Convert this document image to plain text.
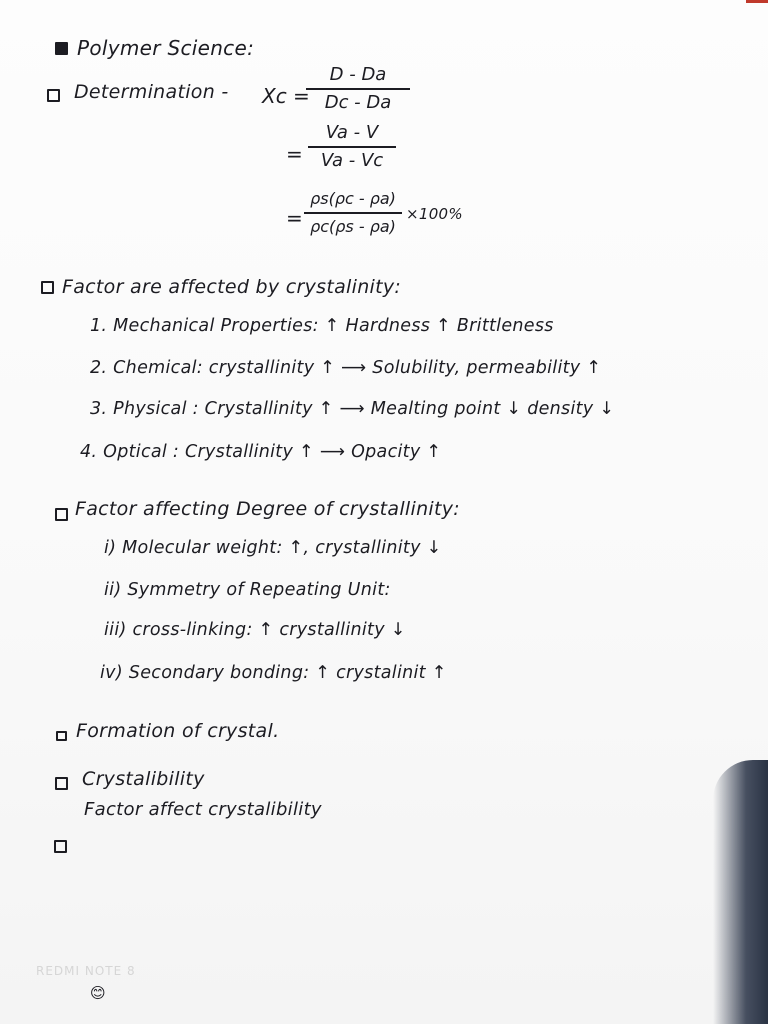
Polymer Science:
Determination - Xc =
D - Da
Dc - Da
=
Va - V
Va - Vc
=
ρs(ρc - ρa)
ρc(ρs - ρa)
×100%
Factor are affected by crystalinity:
1. Mechanical Properties: ↑ Hardness ↑ Brittleness
2. Chemical: crystallinity ↑ ⟶ Solubility, permeability ↑
3. Physical : Crystallinity ↑ ⟶ Mealting point ↓ density ↓
4. Optical : Crystallinity ↑ ⟶ Opacity ↑
Factor affecting Degree of crystallinity:
i) Molecular weight: ↑, crystallinity ↓
ii) Symmetry of Repeating Unit:
iii) cross-linking: ↑ crystallinity ↓
iv) Secondary bonding: ↑ crystalinit ↑
Formation of crystal.
Crystalibility
Factor affect crystalibility
REDMI NOTE 8
😊
